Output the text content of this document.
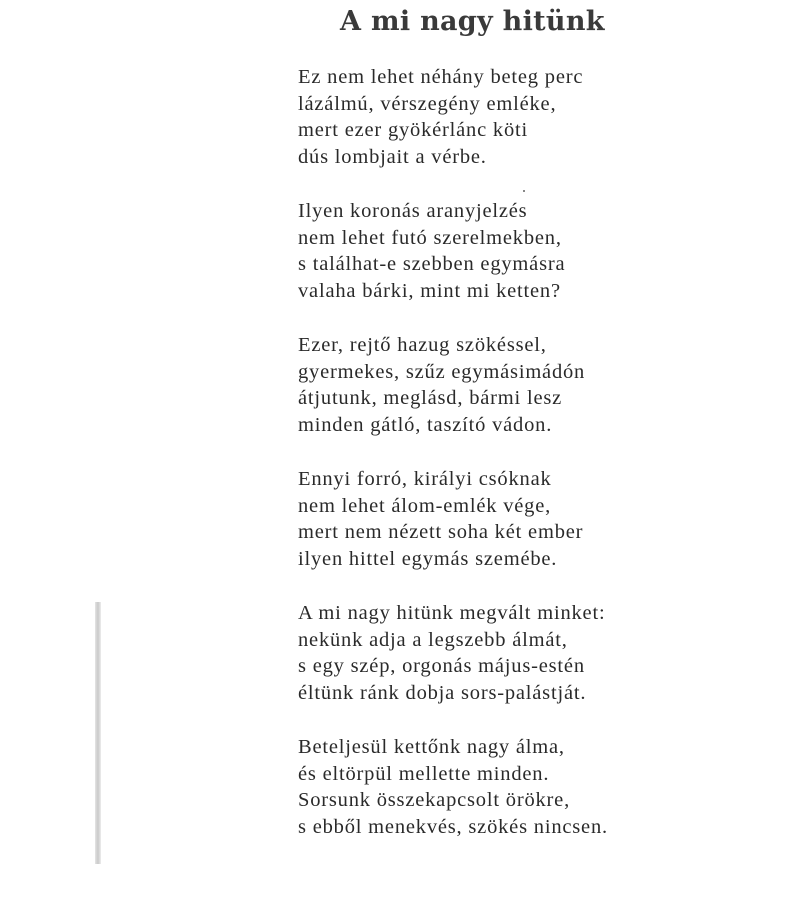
A mi nagy hitünk
Ez nem lehet néhány beteg perc
lázálmú, vérszegény emléke,
mert ezer gyökérlánc köti
dús lombjait a vérbe.
Ilyen koronás aranyjelzés
nem lehet futó szerelmekben,
s találhat-e szebben egymásra
valaha bárki, mint mi ketten?
Ezer, rejtő hazug szökéssel,
gyermekes, szűz egymásimádón
átjutunk, meglásd, bármi lesz
minden gátló, taszító vádon.
Ennyi forró, királyi csóknak
nem lehet álom-emlék vége,
mert nem nézett soha két ember
ilyen hittel egymás szemébe.
A mi nagy hitünk megvált minket:
nekünk adja a legszebb álmát,
s egy szép, orgonás május-estén
éltünk ránk dobja sors-palástját.
Beteljesül kettőnk nagy álma,
és eltörpül mellette minden.
Sorsunk összekapcsolt örökre,
s ebből menekvés, szökés nincsen.
